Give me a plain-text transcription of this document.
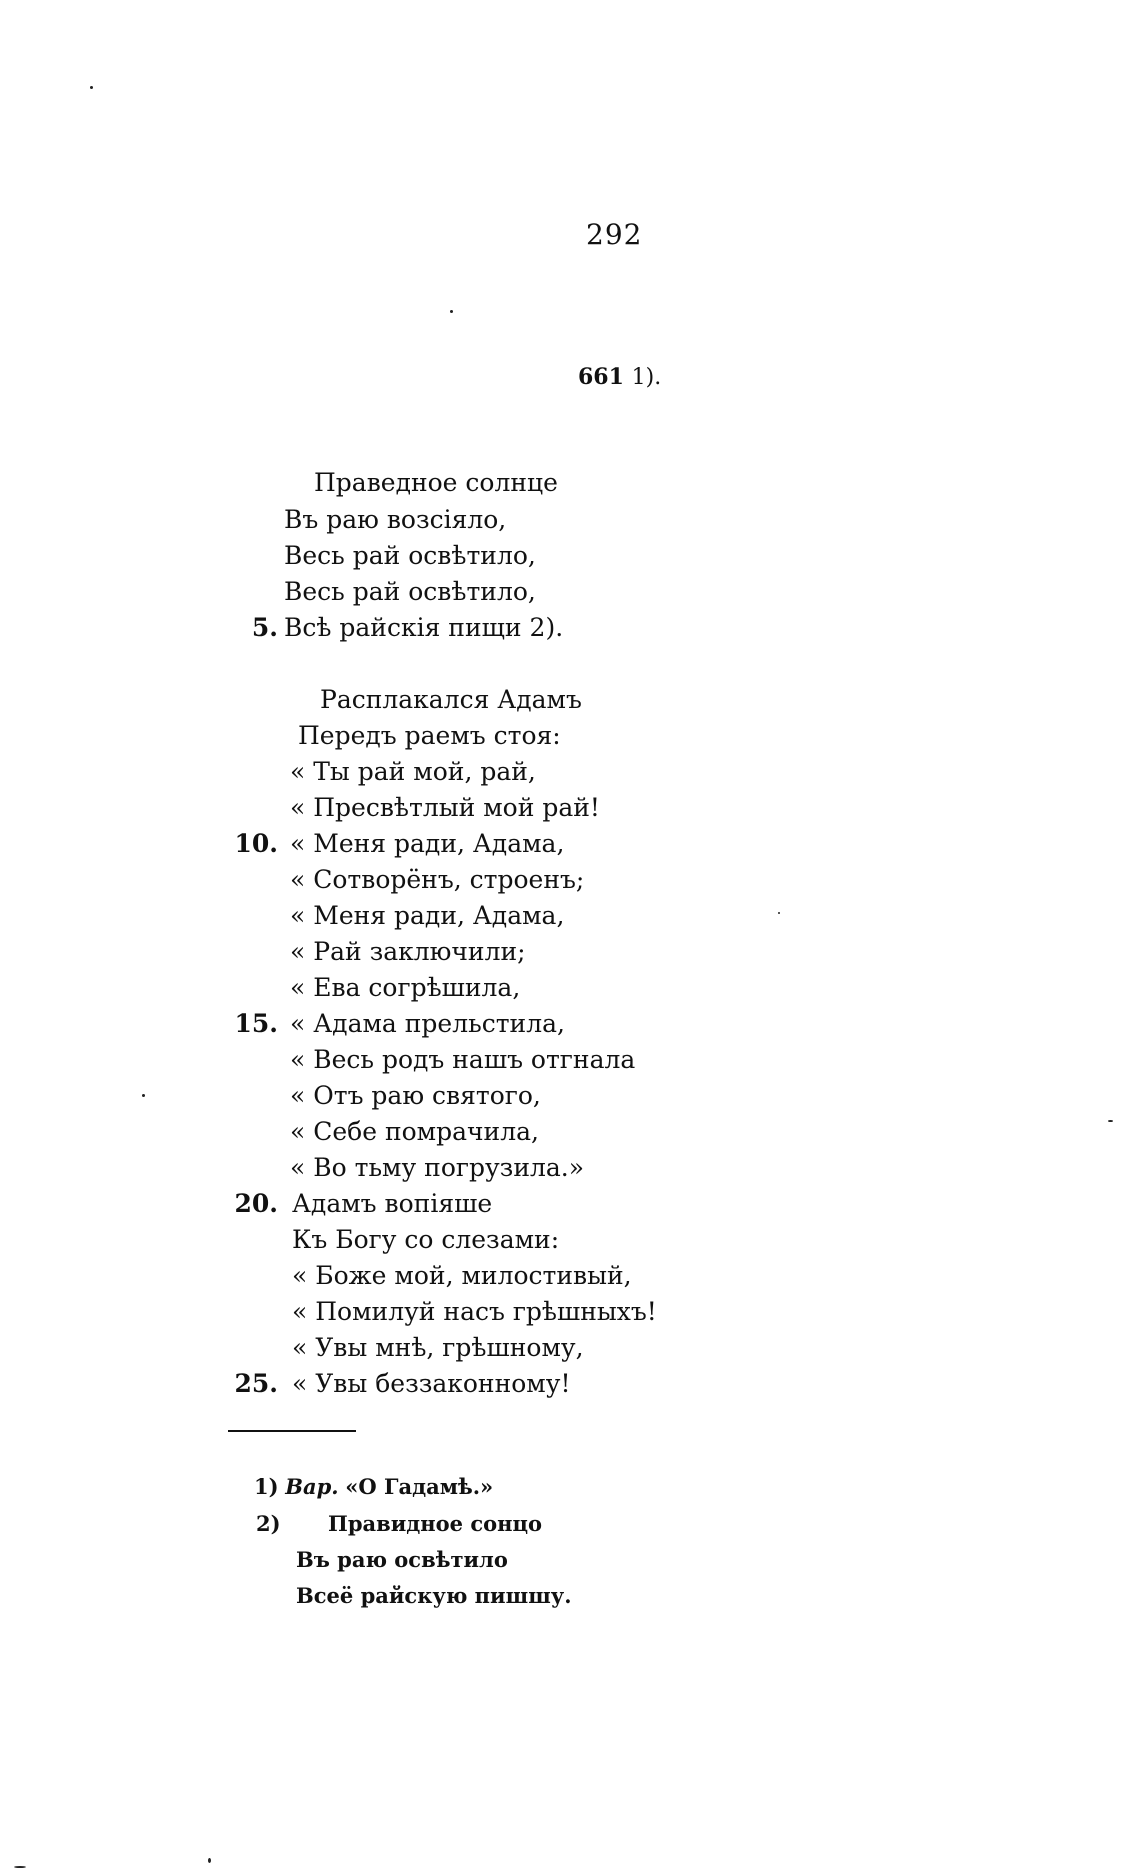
292
661 1).
Праведное солнце
Въ раю возсіяло,
Весь рай освѣтило,
Весь рай освѣтило,
5. Всѣ райскія пищи 2).
Расплакался Адамъ
Передъ раемъ стоя:
« Ты рай мой, рай,
« Пресвѣтлый мой рай!
10. « Меня ради, Адама,
« Сотворёнъ, строенъ;
« Меня ради, Адама,
« Рай заключили;
« Ева согрѣшила,
15. « Адама прельстила,
« Весь родъ нашъ отгнала
« Отъ раю святого,
« Себе помрачила,
« Во тьму погрузила.»
20. Адамъ вопіяше
Къ Богу со слезами:
« Боже мой, милостивый,
« Помилуй насъ грѣшныхъ!
« Увы мнѣ, грѣшному,
25. « Увы беззаконному!
1) Вар. «О Гадамѣ.»
2) Правидное сонцо
Въ раю освѣтило
Всеё райскую пишшу.
